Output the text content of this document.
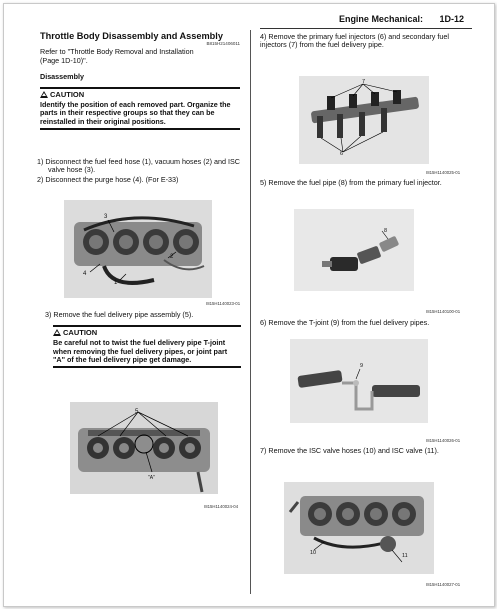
Engine Mechanical: 1D-12
Throttle Body Disassembly and Assembly
B815H21406011
Refer to "Throttle Body Removal and Installation (Page 1D-10)".
Disassembly
CAUTION
Identify the position of each removed part. Organize the parts in their respective groups so that they can be reinstalled in their original positions.
1) Disconnect the fuel feed hose (1), vacuum hoses (2) and ISC valve hose (3).
2) Disconnect the purge hose (4). (For E-33)
3
2
4
1
I815H1140023-01
3) Remove the fuel delivery pipe assembly (5).
CAUTION
Be careful not to twist the fuel delivery pipe T-joint when removing the fuel delivery pipes, or joint part "A" of the fuel delivery pipe get damage.
5
"A"
I815H1140024-04
4) Remove the primary fuel injectors (6) and secondary fuel injectors (7) from the fuel delivery pipe.
7
6
I815H1140025-01
5) Remove the fuel pipe (8) from the primary fuel injector.
8
I815H1140100-01
6) Remove the T-joint (9) from the fuel delivery pipes.
9
I815H1140026-01
7) Remove the ISC valve hoses (10) and ISC valve (11).
10	11
I815H1140027-01
